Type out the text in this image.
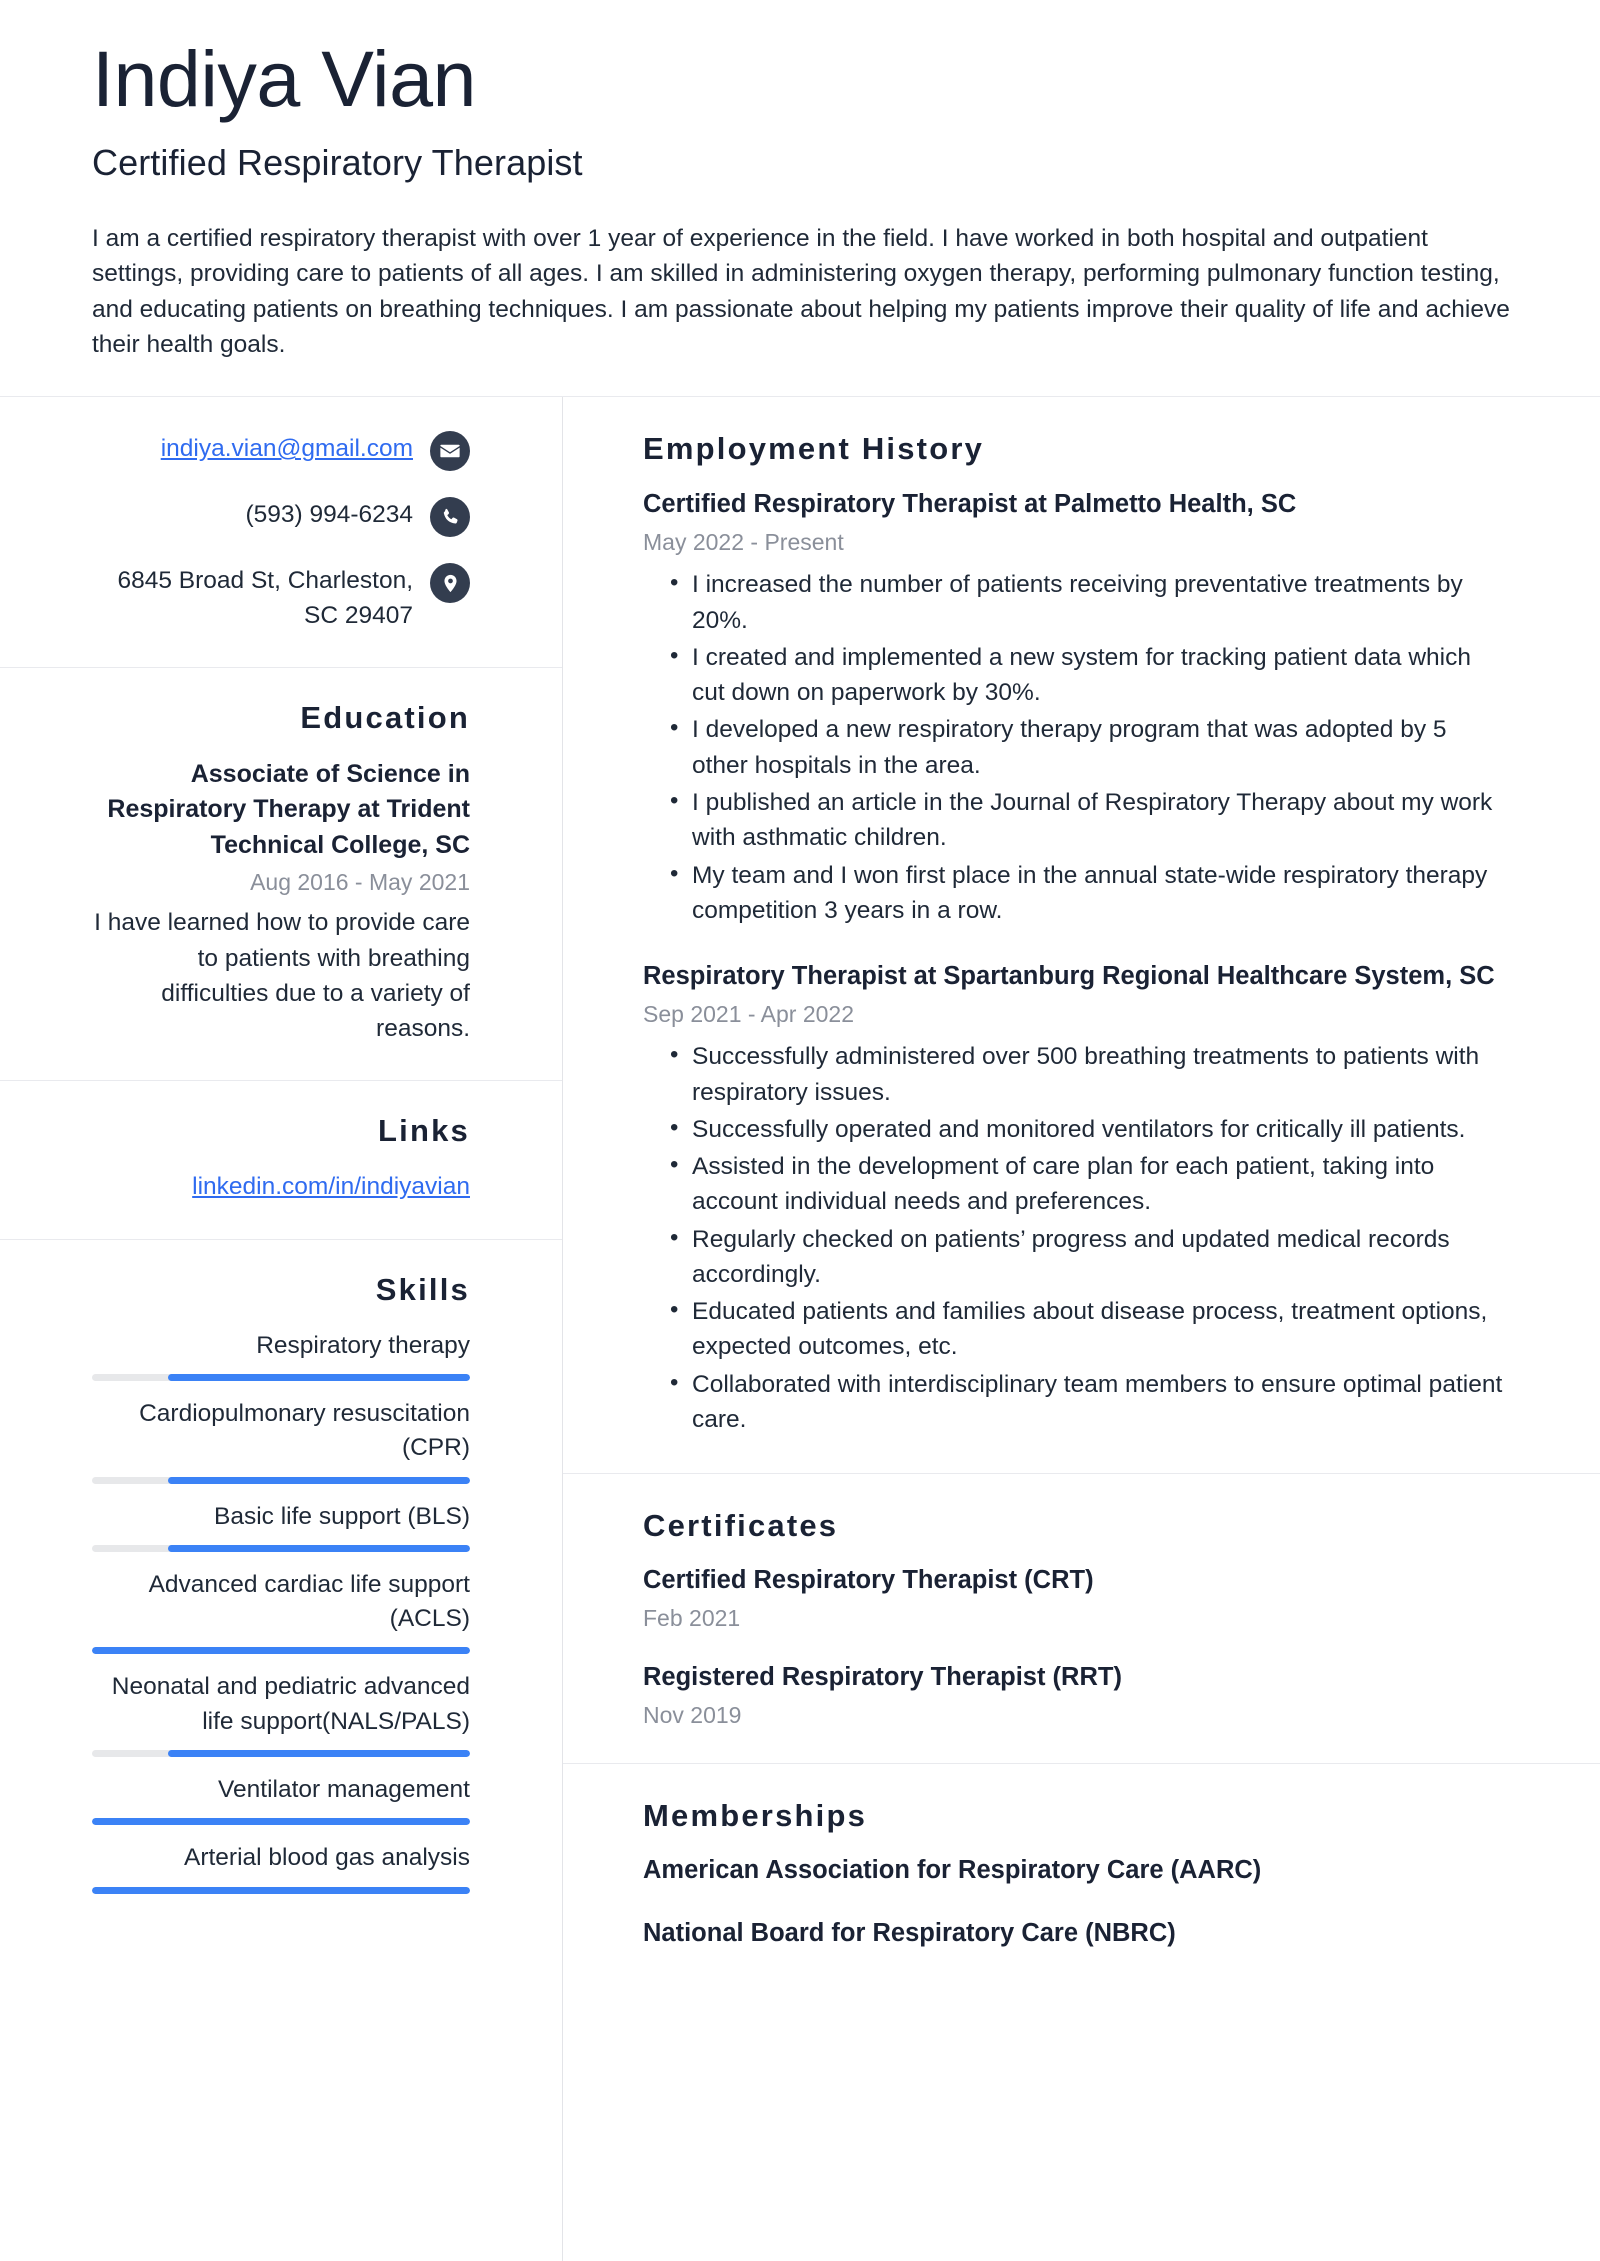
Indiya Vian
Certified Respiratory Therapist
I am a certified respiratory therapist with over 1 year of experience in the field. I have worked in both hospital and outpatient settings, providing care to patients of all ages. I am skilled in administering oxygen therapy, performing pulmonary function testing, and educating patients on breathing techniques. I am passionate about helping my patients improve their quality of life and achieve their health goals.
indiya.vian@gmail.com
(593) 994-6234
6845 Broad St, Charleston, SC 29407
Education
Associate of Science in Respiratory Therapy at Trident Technical College, SC
Aug 2016 - May 2021
I have learned how to provide care to patients with breathing difficulties due to a variety of reasons.
Links
linkedin.com/in/indiyavian
Skills
Respiratory therapy
Cardiopulmonary resuscitation (CPR)
Basic life support (BLS)
Advanced cardiac life support (ACLS)
Neonatal and pediatric advanced life support(NALS/PALS)
Ventilator management
Arterial blood gas analysis
Employment History
Certified Respiratory Therapist at Palmetto Health, SC
May 2022 - Present
• I increased the number of patients receiving preventative treatments by 20%.
• I created and implemented a new system for tracking patient data which cut down on paperwork by 30%.
• I developed a new respiratory therapy program that was adopted by 5 other hospitals in the area.
• I published an article in the Journal of Respiratory Therapy about my work with asthmatic children.
• My team and I won first place in the annual state-wide respiratory therapy competition 3 years in a row.
Respiratory Therapist at Spartanburg Regional Healthcare System, SC
Sep 2021 - Apr 2022
• Successfully administered over 500 breathing treatments to patients with respiratory issues.
• Successfully operated and monitored ventilators for critically ill patients.
• Assisted in the development of care plan for each patient, taking into account individual needs and preferences.
• Regularly checked on patients’ progress and updated medical records accordingly.
• Educated patients and families about disease process, treatment options, expected outcomes, etc.
• Collaborated with interdisciplinary team members to ensure optimal patient care.
Certificates
Certified Respiratory Therapist (CRT)
Feb 2021
Registered Respiratory Therapist (RRT)
Nov 2019
Memberships
American Association for Respiratory Care (AARC)
National Board for Respiratory Care (NBRC)
